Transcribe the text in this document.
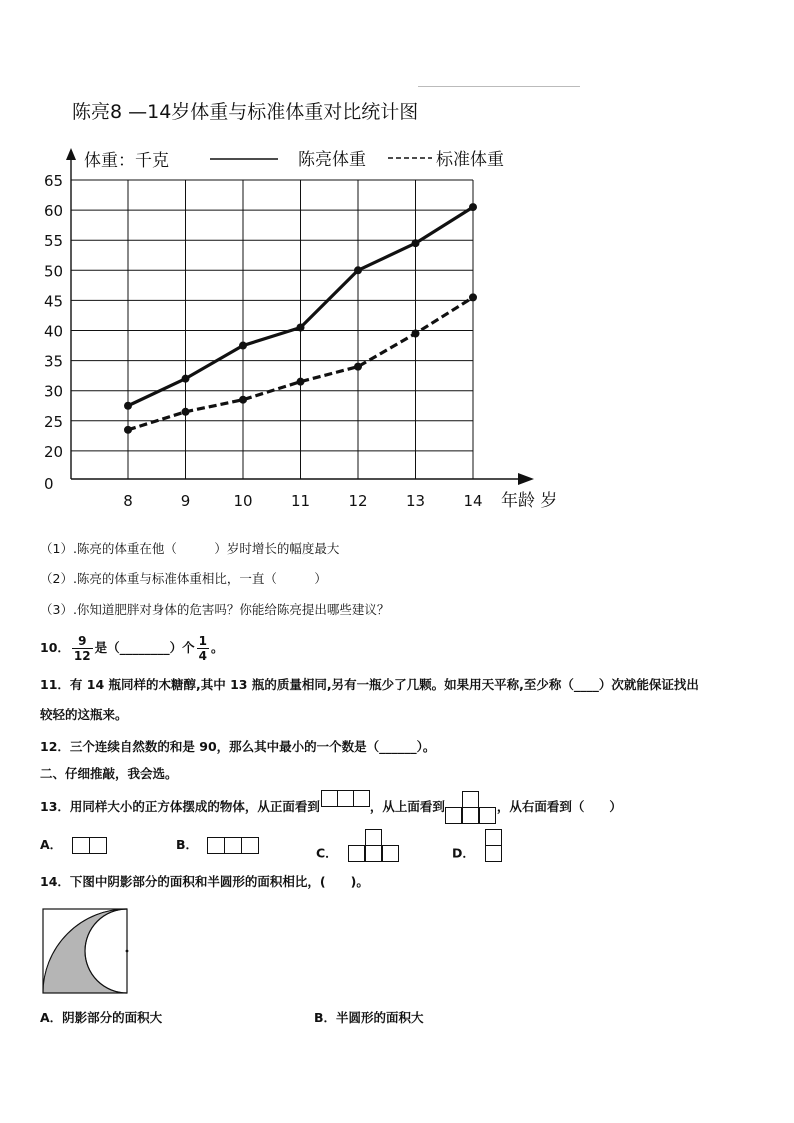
陈亮8 —14岁体重与标准体重对比统计图
0
20
25
30
35
40
45
50
55
60
65
8	9	10	11	12	13	14
体重：千克
年龄 岁
陈亮体重	标准体重
（1）.陈亮的体重在他（　　　）岁时增长的幅度最大
（2）.陈亮的体重与标准体重相比，一直（　　　）
（3）.你知道肥胖对身体的危害吗？你能给陈亮提出哪些建议？
10． $\frac{9}{12}$ 是（________）个 $\frac{1}{4}$ 。
11．有 14 瓶同样的木糖醇,其中 13 瓶的质量相同,另有一瓶少了几颗。如果用天平称,至少称（____）次就能保证找出
较轻的这瓶来。
12．三个连续自然数的和是 90，那么其中最小的一个数是（______）。
二、仔细推敲，我会选。
13．用同样大小的正方体摆成的物体，从正面看到	，从上面看到	，从右面看到（　　）
A．	B．
C．	D．
14．下图中阴影部分的面积和半圆形的面积相比，(　　)。
A．阴影部分的面积大	B．半圆形的面积大
